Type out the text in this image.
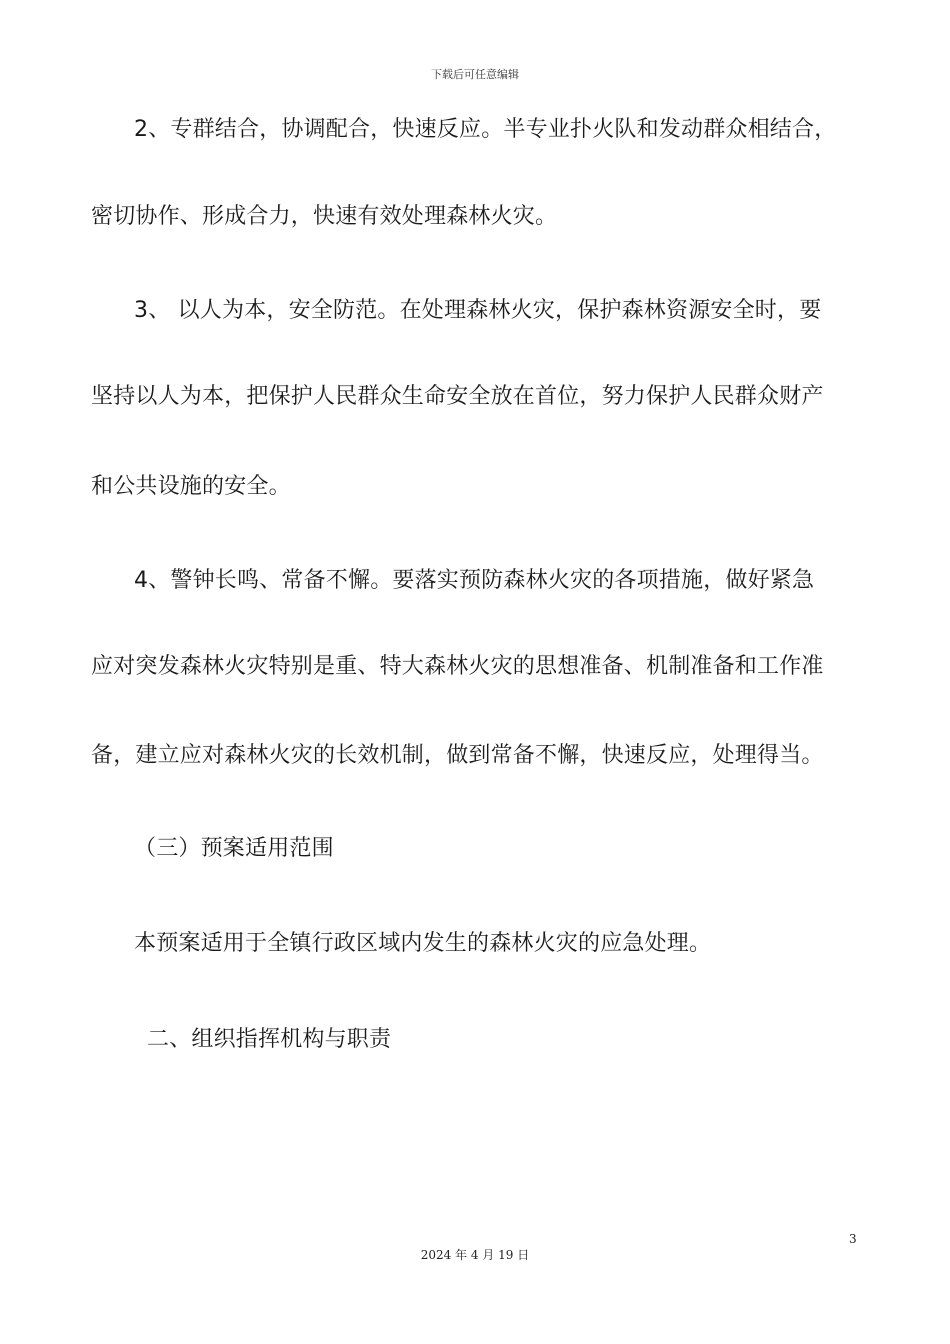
下载后可任意编辑
2、专群结合，协调配合，快速反应。半专业扑火队和发动群众相结合，
密切协作、形成合力，快速有效处理森林火灾。
3、 以人为本，安全防范。在处理森林火灾，保护森林资源安全时，要
坚持以人为本，把保护人民群众生命安全放在首位，努力保护人民群众财产
和公共设施的安全。
4、警钟长鸣、常备不懈。要落实预防森林火灾的各项措施，做好紧急
应对突发森林火灾特别是重、特大森林火灾的思想准备、机制准备和工作准
备，建立应对森林火灾的长效机制，做到常备不懈，快速反应，处理得当。
（三）预案适用范围
本预案适用于全镇行政区域内发生的森林火灾的应急处理。
二、组织指挥机构与职责
3
2024 年 4 月 19 日
